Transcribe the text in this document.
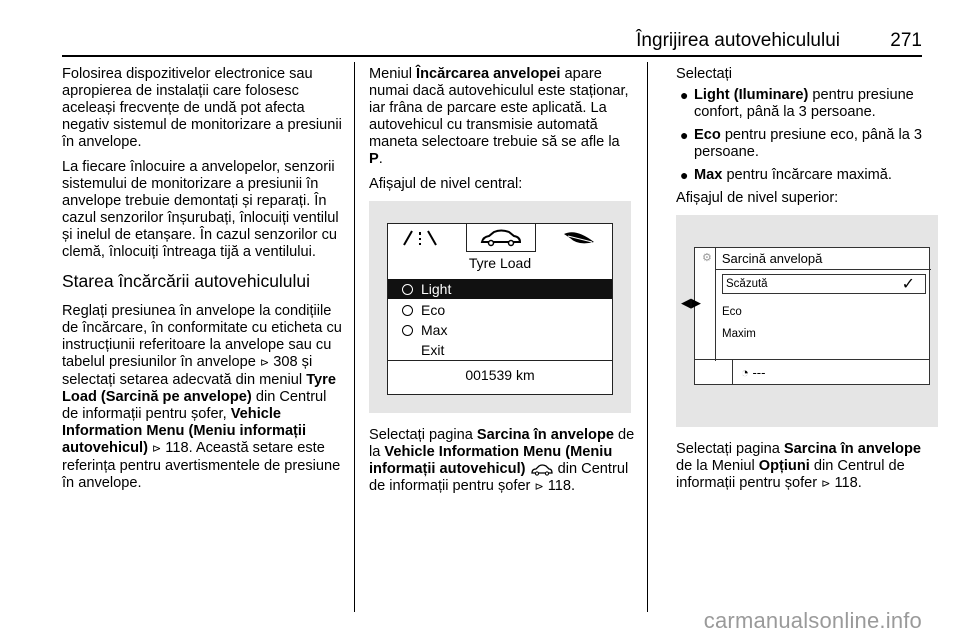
Îngrijirea autovehiculului	271

Folosirea dispozitivelor electronice sau apropierea de instalații care folosesc aceleași frecvențe de undă pot afecta negativ sistemul de monitorizare a presiunii în anvelope.

La fiecare înlocuire a anvelopelor, senzorii sistemului de monitorizare a presiunii în anvelope trebuie demontați și reparați. În cazul senzorilor înșurubați, înlocuiți ventilul și inelul de etanșare. În cazul senzorilor cu clemă, înlocuiți întreaga tijă a ventilului.

Starea încărcării autovehiculului

Reglați presiunea în anvelope la condițiile de încărcare, în conformitate cu eticheta cu instrucțiunii referitoare la anvelope sau cu tabelul presiunilor în anvelope ⊳ 308 și selectați setarea adecvată din meniul Tyre Load (Sarcină pe anvelope) din Centrul de informații pentru șofer, Vehicle Information Menu (Meniu informații autovehicul) ⊳ 118. Această setare este referința pentru avertismentele de presiune în anvelope.

Meniul Încărcarea anvelopei apare numai dacă autovehiculul este staționar, iar frâna de parcare este aplicată. La autovehicul cu transmisie automată maneta selectoare trebuie să se afle la P.

Afișajul de nivel central:

Tyre Load
Light
Eco
Max
Exit
001539 km

Selectați pagina Sarcina în anvelope de la Vehicle Information Menu (Meniu informații autovehicul)  din Centrul de informații pentru șofer ⊳ 118.

Selectați

● Light (Iluminare) pentru presiune confort, până la 3 persoane.
● Eco pentru presiune eco, până la 3 persoane.
● Max pentru încărcare maximă.

Afișajul de nivel superior:

◀▶
⚙ Sarcină anvelopă
Scăzută	✓
Eco
Maxim
◔ ---

Selectați pagina Sarcina în anvelope de la Meniul Opțiuni din Centrul de informații pentru șofer ⊳ 118.

carmanualsonline.info
